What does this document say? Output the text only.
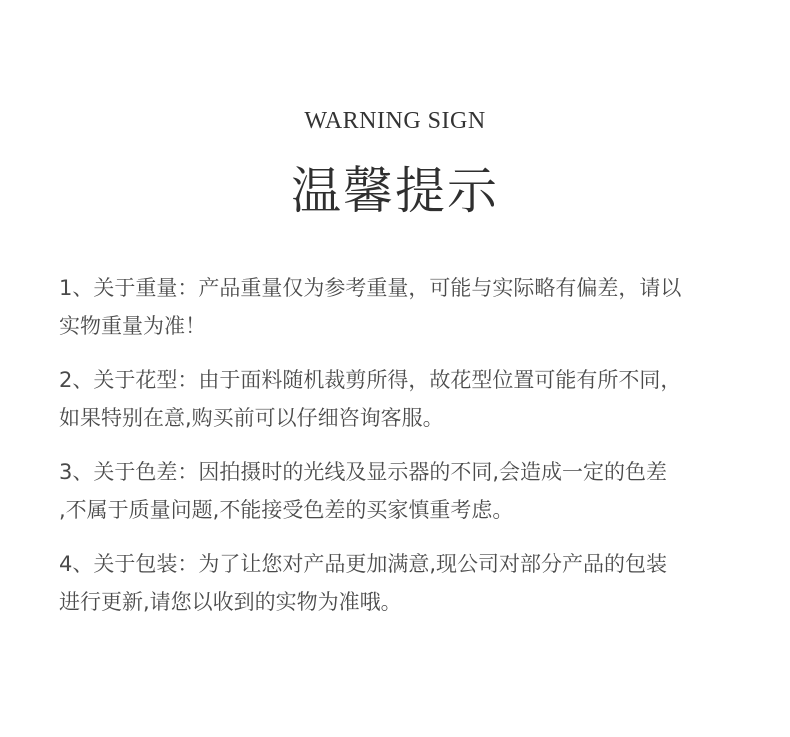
WARNING SIGN
温馨提示

1、关于重量：产品重量仅为参考重量，可能与实际略有偏差，请以
实物重量为准！

2、关于花型：由于面料随机裁剪所得，故花型位置可能有所不同，
如果特别在意,购买前可以仔细咨询客服。

3、关于色差：因拍摄时的光线及显示器的不同,会造成一定的色差
,不属于质量问题,不能接受色差的买家慎重考虑。

4、关于包装：为了让您对产品更加满意,现公司对部分产品的包装
进行更新,请您以收到的实物为准哦。
